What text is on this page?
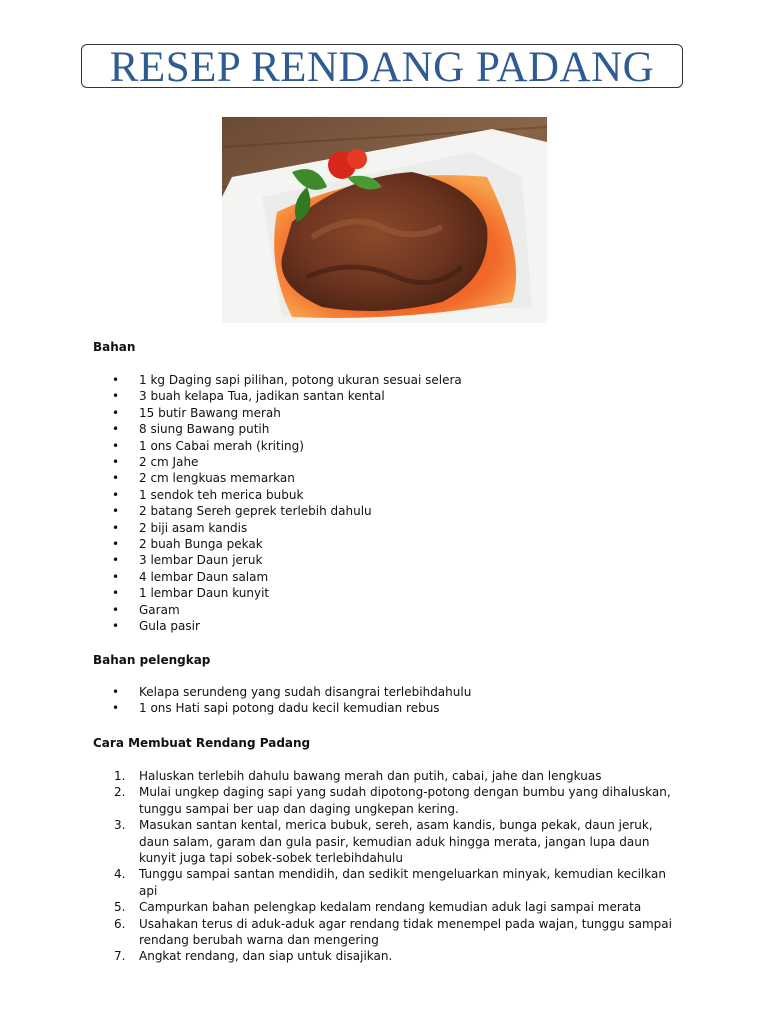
RESEP RENDANG PADANG

Bahan

•	1 kg Daging sapi pilihan, potong ukuran sesuai selera
•	3 buah kelapa Tua, jadikan santan kental
•	15 butir Bawang merah
•	8 siung Bawang putih
•	1 ons Cabai merah (kriting)
•	2 cm Jahe
•	2 cm lengkuas memarkan
•	1 sendok teh merica bubuk
•	2 batang Sereh geprek terlebih dahulu
•	2 biji asam kandis
•	2 buah Bunga pekak
•	3 lembar Daun jeruk
•	4 lembar Daun salam
•	1 lembar Daun kunyit
•	Garam
•	Gula pasir

Bahan pelengkap

•	Kelapa serundeng yang sudah disangrai terlebihdahulu
•	1 ons Hati sapi potong dadu kecil kemudian rebus

Cara Membuat Rendang Padang

1. Haluskan terlebih dahulu bawang merah dan putih, cabai, jahe dan lengkuas
2. Mulai ungkep daging sapi yang sudah dipotong-potong dengan bumbu yang dihaluskan, tunggu sampai ber uap dan daging ungkepan kering.
3. Masukan santan kental, merica bubuk, sereh, asam kandis, bunga pekak, daun jeruk, daun salam, garam dan gula pasir, kemudian aduk hingga merata, jangan lupa daun kunyit juga tapi sobek-sobek terlebihdahulu
4. Tunggu sampai santan mendidih, dan sedikit mengeluarkan minyak, kemudian kecilkan api
5. Campurkan bahan pelengkap kedalam rendang kemudian aduk lagi sampai merata
6. Usahakan terus di aduk-aduk agar rendang tidak menempel pada wajan, tunggu sampai rendang berubah warna dan mengering
7. Angkat rendang, dan siap untuk disajikan.
